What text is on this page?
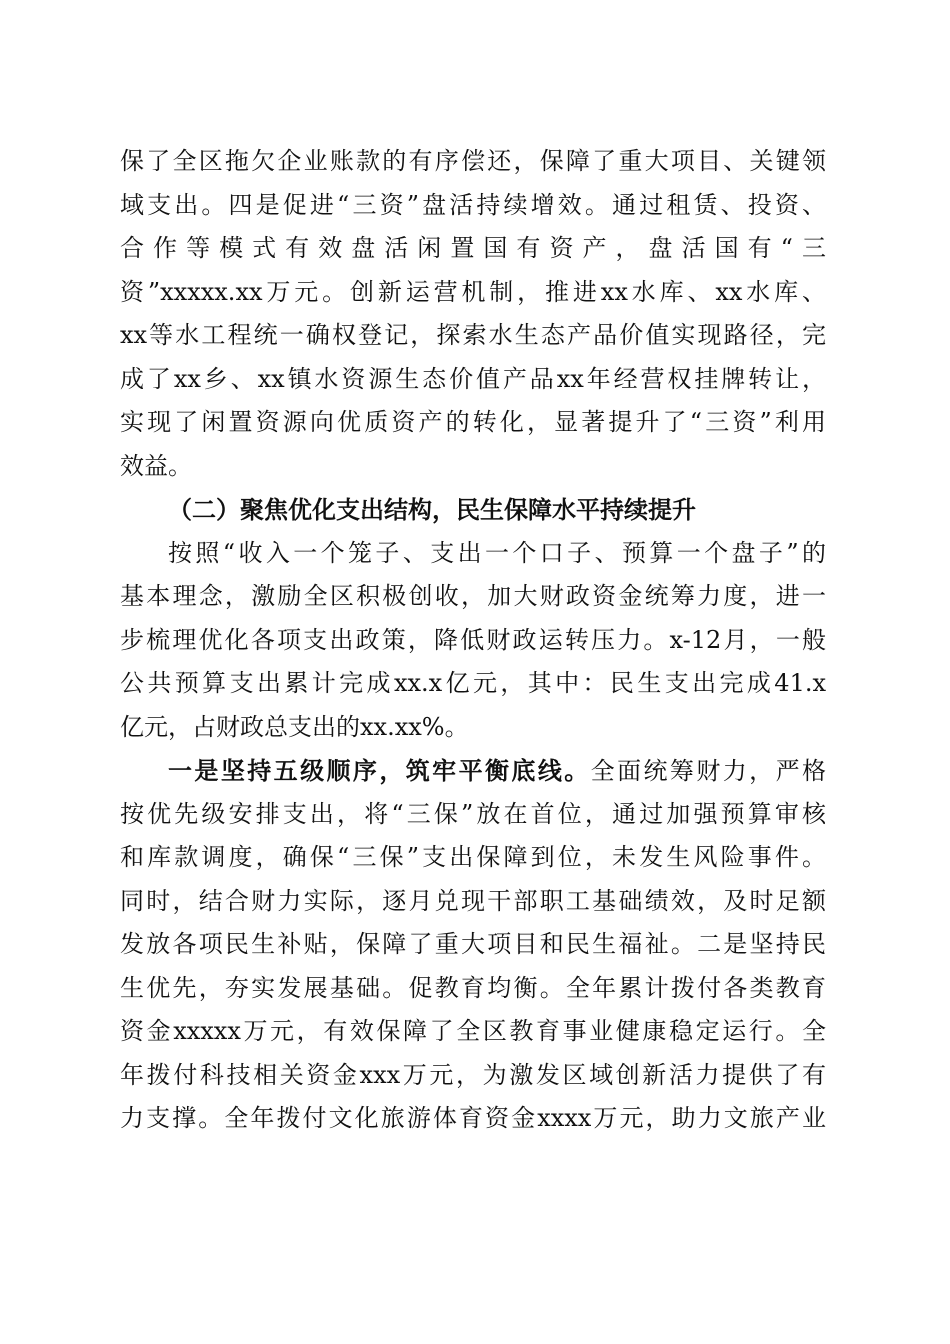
保了全区拖欠企业账款的有序偿还，保障了重大项目、关键领
域支出。四是促进“三资”盘活持续增效。通过租赁、投资、
合作等模式有效盘活闲置国有资产，盘活国有“三
资”xxxxx.xx万元。创新运营机制，推进xx水库、xx水库、
xx等水工程统一确权登记，探索水生态产品价值实现路径，完
成了xx乡、xx镇水资源生态价值产品xx年经营权挂牌转让，
实现了闲置资源向优质资产的转化，显著提升了“三资”利用
效益。
（二）聚焦优化支出结构，民生保障水平持续提升
按照“收入一个笼子、支出一个口子、预算一个盘子”的
基本理念，激励全区积极创收，加大财政资金统筹力度，进一
步梳理优化各项支出政策，降低财政运转压力。x-12月，一般
公共预算支出累计完成xx.x亿元，其中：民生支出完成41.x
亿元，占财政总支出的xx.xx%。
一是坚持五级顺序，筑牢平衡底线。全面统筹财力，严格
按优先级安排支出，将“三保”放在首位，通过加强预算审核
和库款调度，确保“三保”支出保障到位，未发生风险事件。
同时，结合财力实际，逐月兑现干部职工基础绩效，及时足额
发放各项民生补贴，保障了重大项目和民生福祉。二是坚持民
生优先，夯实发展基础。促教育均衡。全年累计拨付各类教育
资金xxxxx万元，有效保障了全区教育事业健康稳定运行。全
年拨付科技相关资金xxx万元，为激发区域创新活力提供了有
力支撑。全年拨付文化旅游体育资金xxxx万元，助力文旅产业
